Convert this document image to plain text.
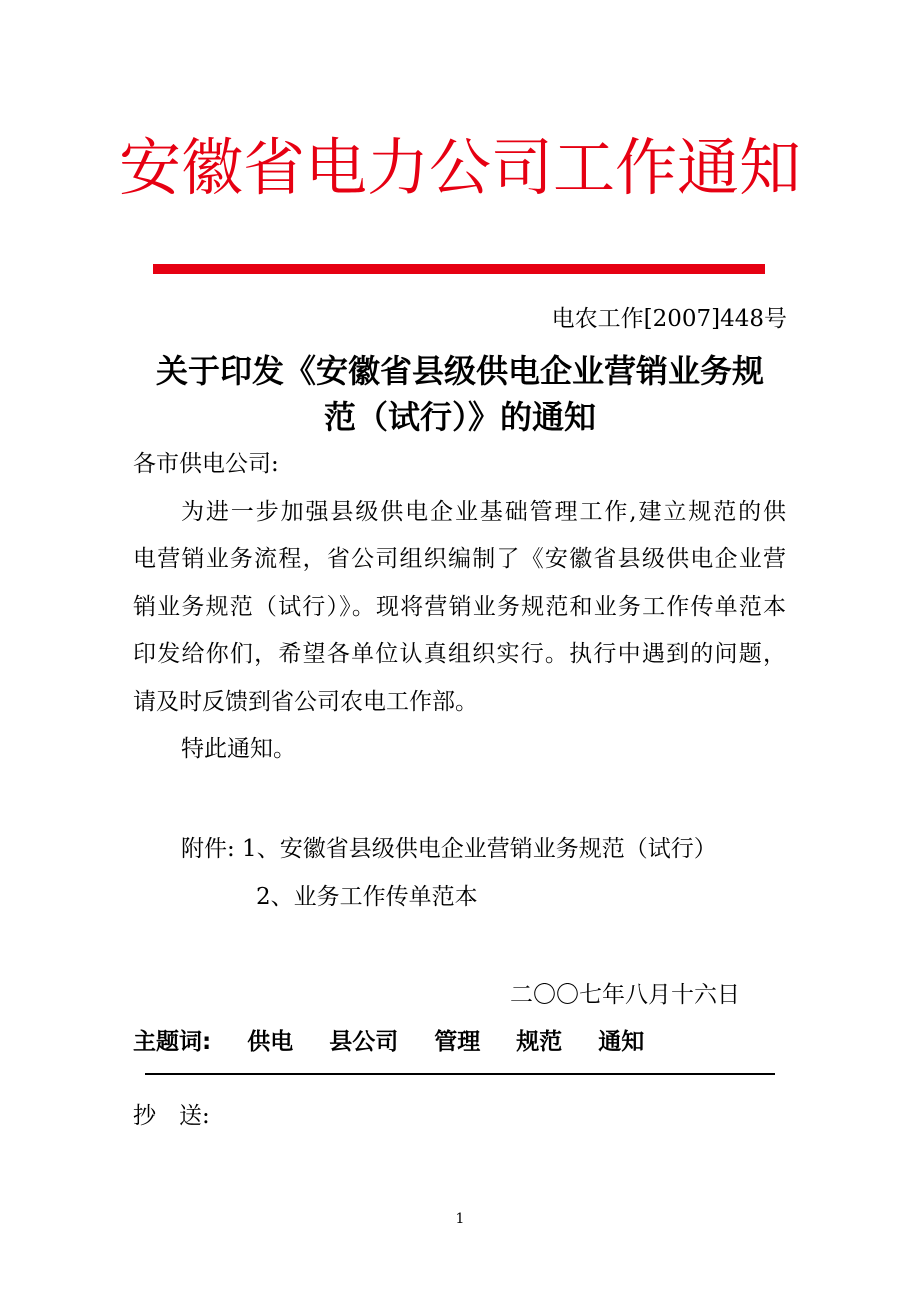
安徽省电力公司工作通知
电农工作[2007]448号
关于印发《安徽省县级供电企业营销业务规
范（试行）》的通知
各市供电公司:
为进一步加强县级供电企业基础管理工作,建立规范的供
电营销业务流程，省公司组织编制了《安徽省县级供电企业营
销业务规范（试行）》。现将营销业务规范和业务工作传单范本
印发给你们，希望各单位认真组织实行。执行中遇到的问题，
请及时反馈到省公司农电工作部。
特此通知。
附件: 1、安徽省县级供电企业营销业务规范（试行）
2、业务工作传单范本
二〇〇七年八月十六日
主题词: 供电 县公司 管理 规范 通知
抄　送:
1
